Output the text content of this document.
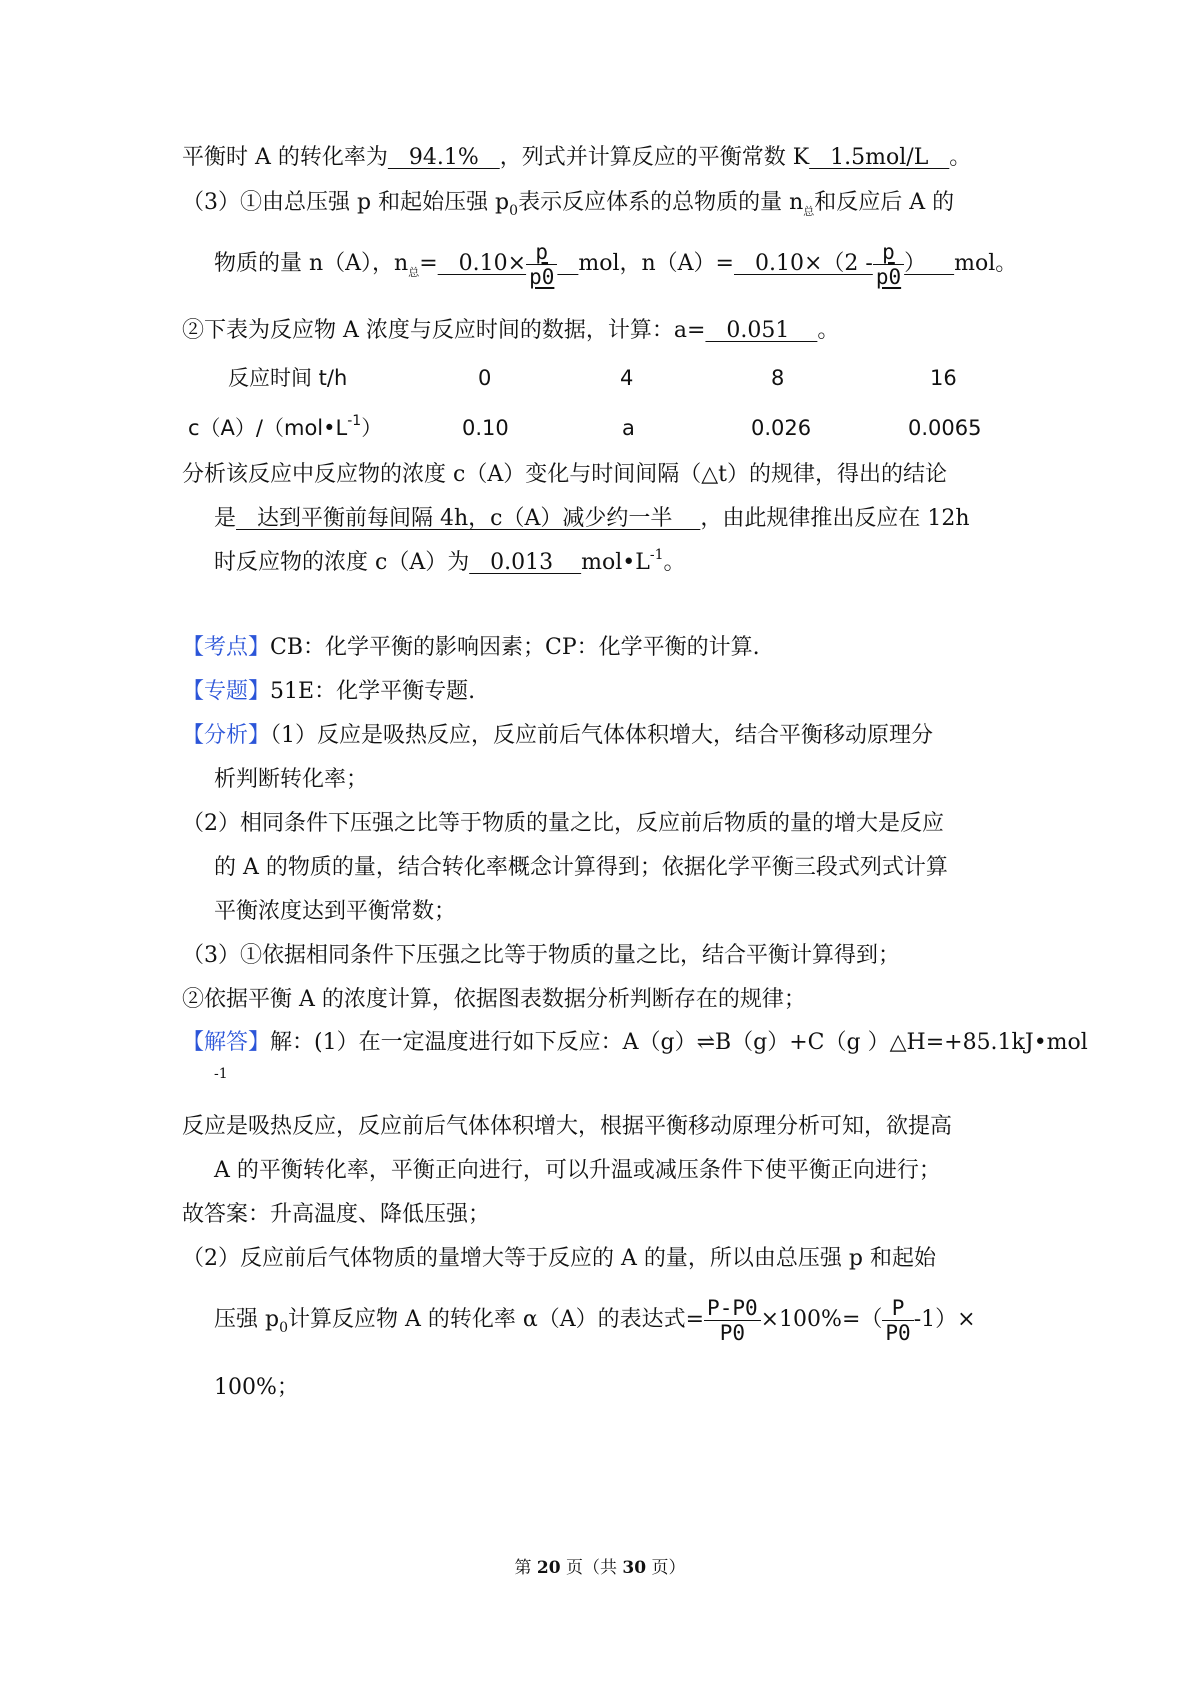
平衡时 A 的转化率为   94.1%   ，列式并计算反应的平衡常数 K   1.5mol/L   。
（3）①由总压强 p 和起始压强 $p_0$表示反应体系的总物质的量 $n_总$和反应后 A 的
物质的量 n（A），$n_总= 0.10\times \frac{p}{p0}$ mol，$n(A)= 0.10\times(2 - \frac{p}{p0}$ ）    mol。
②下表为反应物 A 浓度与反应时间的数据，计算：a=   0.051    。
反应时间 t/h	0	4	8	16
$c(A)/(mol•L^{-1})$	0.10	a	0.026	0.0065
分析该反应中反应物的浓度 c（A）变化与时间间隔（△t）的规律，得出的结论
是   达到平衡前每间隔 4h，c（A）减少约一半    ，由此规律推出反应在 12h
时反应物的浓度 c（A）为   0.013    $mol•L^{-1}$。
【考点】CB：化学平衡的影响因素；CP：化学平衡的计算.
【专题】51E：化学平衡专题.
【分析】（1）反应是吸热反应，反应前后气体体积增大，结合平衡移动原理分
析判断转化率；
（2）相同条件下压强之比等于物质的量之比，反应前后物质的量的增大是反应
的 A 的物质的量，结合转化率概念计算得到；依据化学平衡三段式列式计算
平衡浓度达到平衡常数；
（3）①依据相同条件下压强之比等于物质的量之比，结合平衡计算得到；
②依据平衡 A 的浓度计算，依据图表数据分析判断存在的规律；
【解答】解：(1）在一定温度进行如下反应：A（g）⇌B（g）+C（g ）△H=+85.1kJ•mol
-1
反应是吸热反应，反应前后气体体积增大，根据平衡移动原理分析可知，欲提高
A 的平衡转化率，平衡正向进行，可以升温或减压条件下使平衡正向进行；
故答案：升高温度、降低压强；
（2）反应前后气体物质的量增大等于反应的 A 的量，所以由总压强 p 和起始
压强 $p_0$计算反应物 A 的转化率 α（A）的表达式= $\frac{P-P0}{P0} \times 100\%=( \frac{P}{P0} -1)\times$
100%；
第 20 页（共 30 页）
